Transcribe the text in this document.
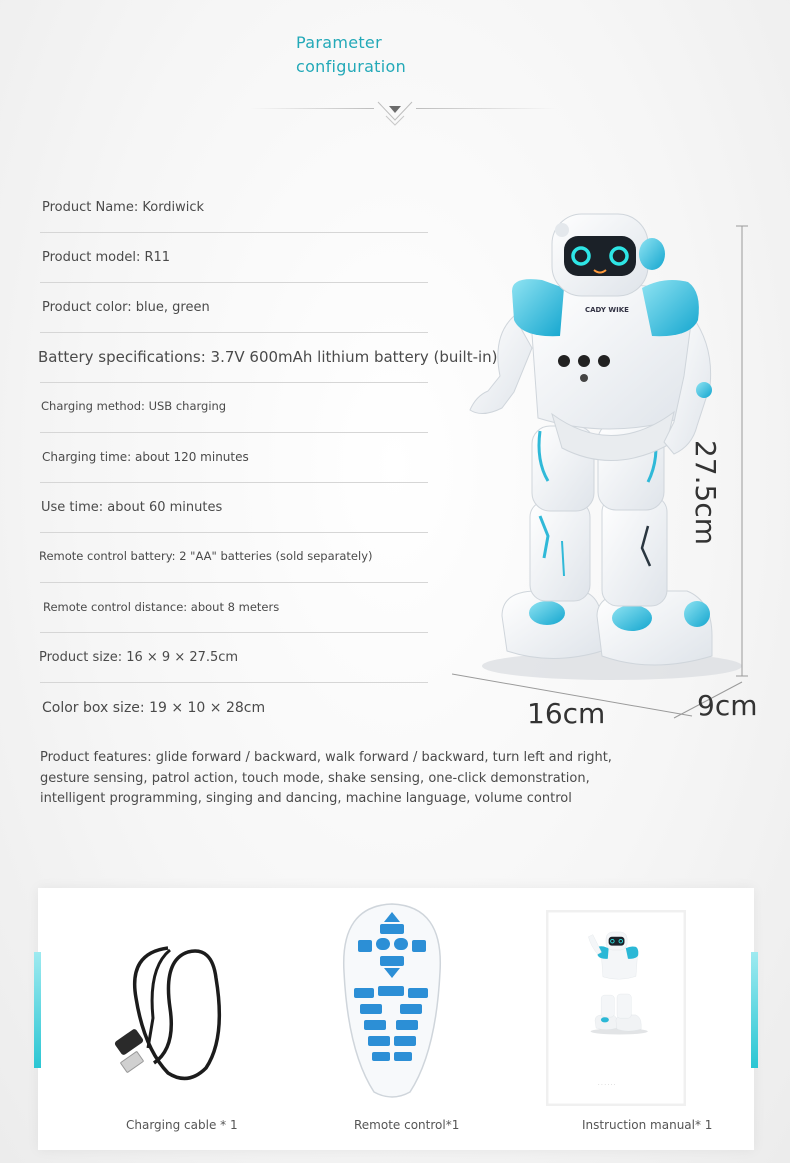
Parameter
configuration
Product Name: Kordiwick
Product model: R11
Product color: blue, green
Battery specifications: 3.7V 600mAh lithium battery (built-in)
Charging method: USB charging
Charging time: about 120 minutes
Use time: about 60 minutes
Remote control battery: 2 "AA" batteries (sold separately)
Remote control distance: about 8 meters
Product size: 16 × 9 × 27.5cm
Color box size: 19 × 10 × 28cm
Product features: glide forward / backward, walk forward / backward, turn left and right,
gesture sensing, patrol action, touch mode, shake sensing, one-click demonstration,
intelligent programming, singing and dancing, machine language, volume control
CADY WIKE
27.5cm
16cm	9cm
· · · · · ·
Charging cable * 1	Remote control*1	Instruction manual* 1
